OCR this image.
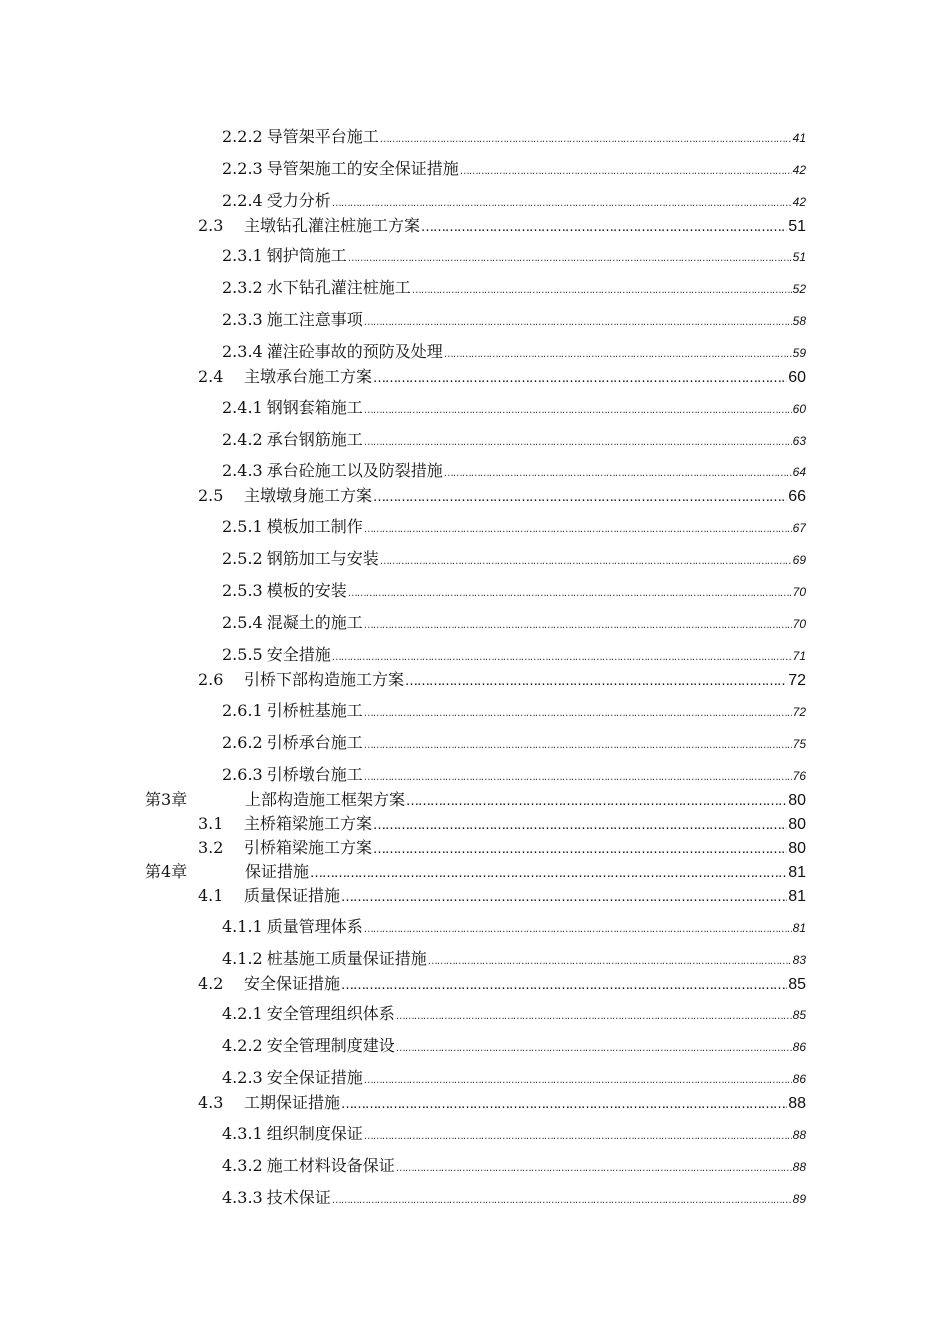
2.2.2 导管架平台施工 …………………………………………………………………………………………………………………………………………………………………………………………………………………………………………………………	41
2.2.3 导管架施工的安全保证措施 …………………………………………………………………………………………………………………………………………………………………………………………………………………………………………………………	42
2.2.4 受力分析 …………………………………………………………………………………………………………………………………………………………………………………………………………………………………………………………	42
2.3	主墩钻孔灌注桩施工方案 …………………………………………………………………………………………………………………………………………………………………………………………………………………………………………………………	51
2.3.1 钢护筒施工 …………………………………………………………………………………………………………………………………………………………………………………………………………………………………………………………	51
2.3.2 水下钻孔灌注桩施工 …………………………………………………………………………………………………………………………………………………………………………………………………………………………………………………………	52
2.3.3 施工注意事项 …………………………………………………………………………………………………………………………………………………………………………………………………………………………………………………………	58
2.3.4 灌注砼事故的预防及处理 …………………………………………………………………………………………………………………………………………………………………………………………………………………………………………………………	59
2.4	主墩承台施工方案 …………………………………………………………………………………………………………………………………………………………………………………………………………………………………………………………	60
2.4.1 钢钢套箱施工 …………………………………………………………………………………………………………………………………………………………………………………………………………………………………………………………	60
2.4.2 承台钢筋施工 …………………………………………………………………………………………………………………………………………………………………………………………………………………………………………………………	63
2.4.3 承台砼施工以及防裂措施 …………………………………………………………………………………………………………………………………………………………………………………………………………………………………………………………	64
2.5	主墩墩身施工方案 …………………………………………………………………………………………………………………………………………………………………………………………………………………………………………………………	66
2.5.1 模板加工制作 …………………………………………………………………………………………………………………………………………………………………………………………………………………………………………………………	67
2.5.2 钢筋加工与安装 …………………………………………………………………………………………………………………………………………………………………………………………………………………………………………………………	69
2.5.3 模板的安装 …………………………………………………………………………………………………………………………………………………………………………………………………………………………………………………………	70
2.5.4 混凝土的施工 …………………………………………………………………………………………………………………………………………………………………………………………………………………………………………………………	70
2.5.5 安全措施 …………………………………………………………………………………………………………………………………………………………………………………………………………………………………………………………	71
2.6	引桥下部构造施工方案 …………………………………………………………………………………………………………………………………………………………………………………………………………………………………………………………	72
2.6.1 引桥桩基施工 …………………………………………………………………………………………………………………………………………………………………………………………………………………………………………………………	72
2.6.2 引桥承台施工 …………………………………………………………………………………………………………………………………………………………………………………………………………………………………………………………	75
2.6.3 引桥墩台施工 …………………………………………………………………………………………………………………………………………………………………………………………………………………………………………………………	76
第3章	上部构造施工框架方案 …………………………………………………………………………………………………………………………………………………………………………………………………………………………………………………………	80
3.1	主桥箱梁施工方案 …………………………………………………………………………………………………………………………………………………………………………………………………………………………………………………………	80
3.2	引桥箱梁施工方案 …………………………………………………………………………………………………………………………………………………………………………………………………………………………………………………………	80
第4章	保证措施 …………………………………………………………………………………………………………………………………………………………………………………………………………………………………………………………	81
4.1	质量保证措施 …………………………………………………………………………………………………………………………………………………………………………………………………………………………………………………………	81
4.1.1 质量管理体系 …………………………………………………………………………………………………………………………………………………………………………………………………………………………………………………………	81
4.1.2 桩基施工质量保证措施 …………………………………………………………………………………………………………………………………………………………………………………………………………………………………………………………	83
4.2	安全保证措施 …………………………………………………………………………………………………………………………………………………………………………………………………………………………………………………………	85
4.2.1 安全管理组织体系 …………………………………………………………………………………………………………………………………………………………………………………………………………………………………………………………	85
4.2.2 安全管理制度建设 …………………………………………………………………………………………………………………………………………………………………………………………………………………………………………………………	86
4.2.3 安全保证措施 …………………………………………………………………………………………………………………………………………………………………………………………………………………………………………………………	86
4.3	工期保证措施 …………………………………………………………………………………………………………………………………………………………………………………………………………………………………………………………	88
4.3.1 组织制度保证 …………………………………………………………………………………………………………………………………………………………………………………………………………………………………………………………	88
4.3.2 施工材料设备保证 …………………………………………………………………………………………………………………………………………………………………………………………………………………………………………………………	88
4.3.3 技术保证 …………………………………………………………………………………………………………………………………………………………………………………………………………………………………………………………	89
